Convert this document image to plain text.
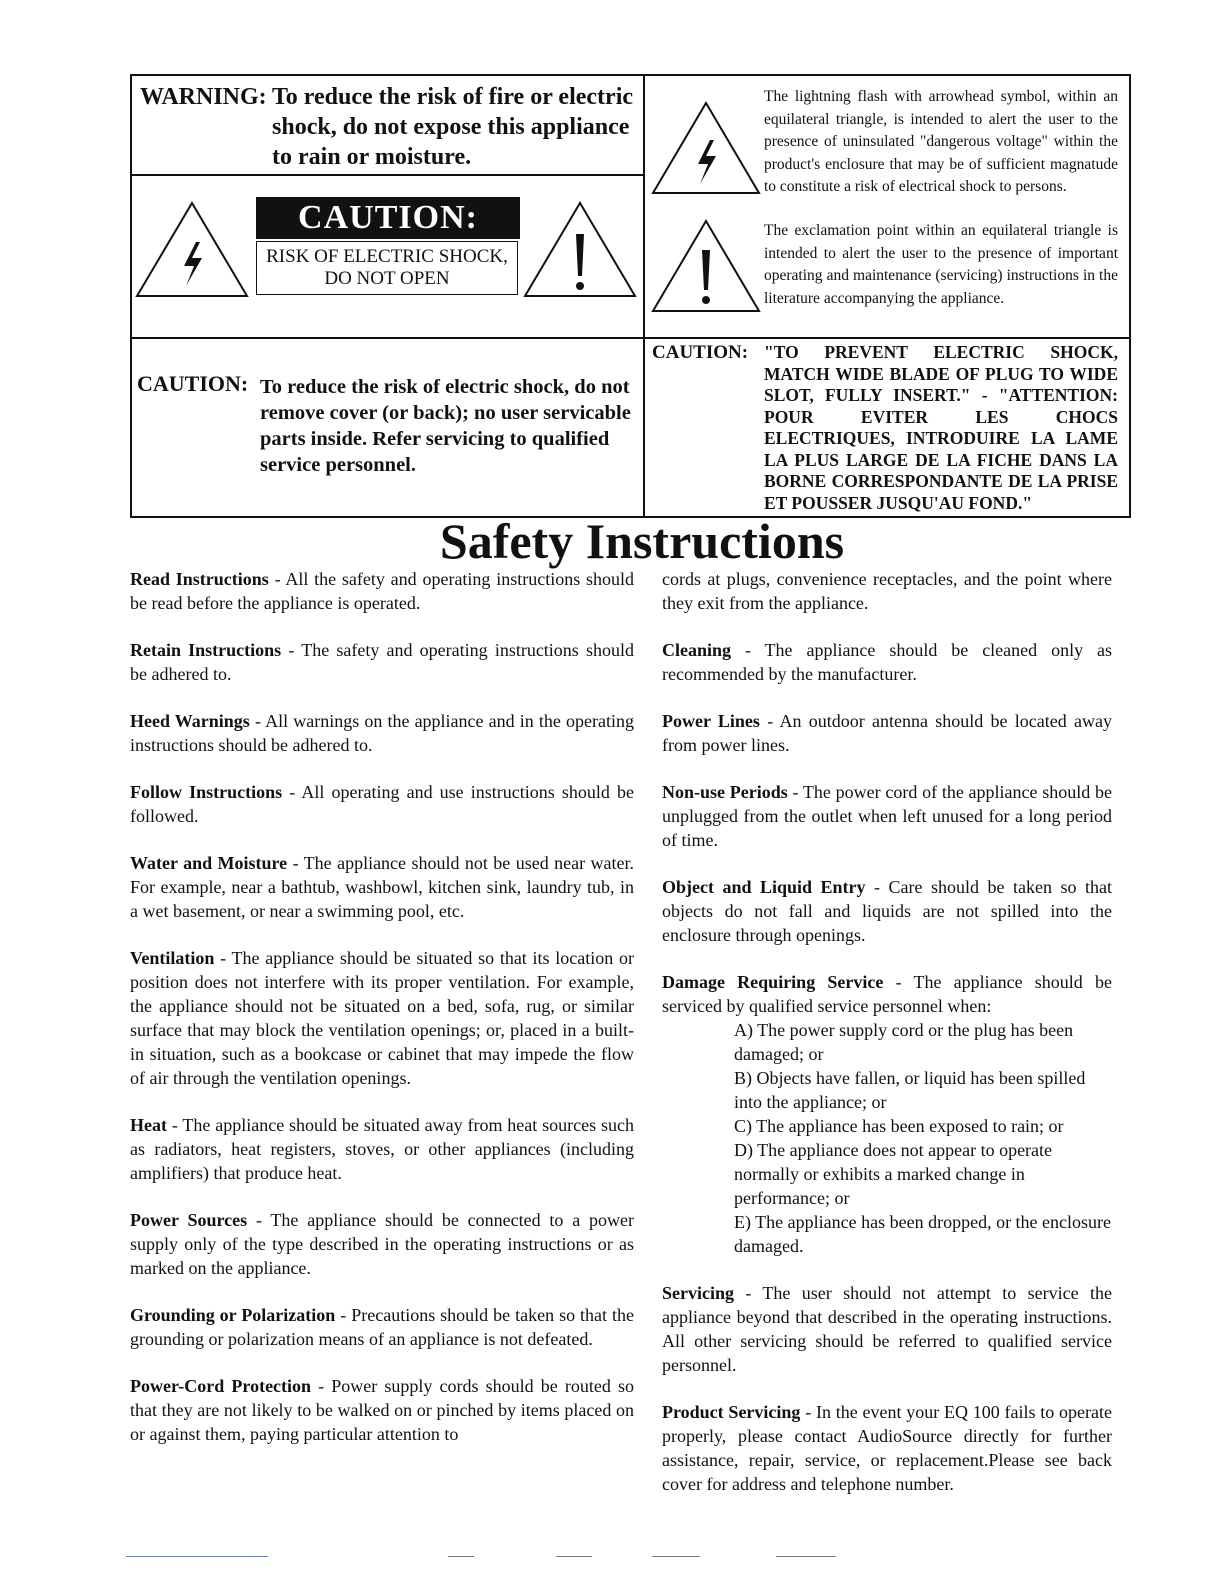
WARNING: To reduce the risk of fire or electric shock, do not expose this appliance to rain or moisture.
CAUTION:
RISK OF ELECTRIC SHOCK,
DO NOT OPEN
CAUTION: To reduce the risk of electric shock, do not remove cover (or back); no user servicable parts inside. Refer servicing to qualified service personnel.
The lightning flash with arrowhead symbol, within an equilateral triangle, is intended to alert the user to the presence of uninsulated "dangerous voltage" within the product's enclosure that may be of sufficient magnatude to constitute a risk of electrical shock to persons.
The exclamation point within an equilateral triangle is intended to alert the user to the presence of important operating and maintenance (servicing) instructions in the literature accompanying the appliance.
CAUTION: "TO PREVENT ELECTRIC SHOCK, MATCH WIDE BLADE OF PLUG TO WIDE SLOT, FULLY INSERT." - "ATTENTION: POUR EVITER LES CHOCS ELECTRIQUES, INTRODUIRE LA LAME LA PLUS LARGE DE LA FICHE DANS LA BORNE CORRESPONDANTE DE LA PRISE ET POUSSER JUSQU'AU FOND."
Safety Instructions

Read Instructions - All the safety and operating instructions should be read before the appliance is operated.

Retain Instructions - The safety and operating instructions should be adhered to.

Heed Warnings - All warnings on the appliance and in the operating instructions should be adhered to.

Follow Instructions - All operating and use instructions should be followed.

Water and Moisture - The appliance should not be used near water. For example, near a bathtub, washbowl, kitchen sink, laundry tub, in a wet basement, or near a swimming pool, etc.

Ventilation - The appliance should be situated so that its location or position does not interfere with its proper ventilation. For example, the appliance should not be situated on a bed, sofa, rug, or similar surface that may block the ventilation openings; or, placed in a built-in situation, such as a bookcase or cabinet that may impede the flow of air through the ventilation openings.

Heat - The appliance should be situated away from heat sources such as radiators, heat registers, stoves, or other appliances (including amplifiers) that produce heat.

Power Sources - The appliance should be connected to a power supply only of the type described in the operating instructions or as marked on the appliance.

Grounding or Polarization - Precautions should be taken so that the grounding or polarization means of an appliance is not defeated.

Power-Cord Protection - Power supply cords should be routed so that they are not likely to be walked on or pinched by items placed on or against them, paying particular attention to

cords at plugs, convenience receptacles, and the point where they exit from the appliance.

Cleaning - The appliance should be cleaned only as recommended by the manufacturer.

Power Lines - An outdoor antenna should be located away from power lines.

Non-use Periods - The power cord of the appliance should be unplugged from the outlet when left unused for a long period of time.

Object and Liquid Entry - Care should be taken so that objects do not fall and liquids are not spilled into the enclosure through openings.

Damage Requiring Service - The appliance should be serviced by qualified service personnel when:

A) The power supply cord or the plug has been damaged; or

B) Objects have fallen, or liquid has been spilled into the appliance; or

C) The appliance has been exposed to rain; or

D) The appliance does not appear to operate normally or exhibits a marked change in performance; or

E) The appliance has been dropped, or the enclosure damaged.

Servicing - The user should not attempt to service the appliance beyond that described in the operating instructions. All other servicing should be referred to qualified service personnel.

Product Servicing - In the event your EQ 100 fails to operate properly, please contact AudioSource directly for further assistance, repair, service, or replacement.Please see back cover for address and telephone number.
